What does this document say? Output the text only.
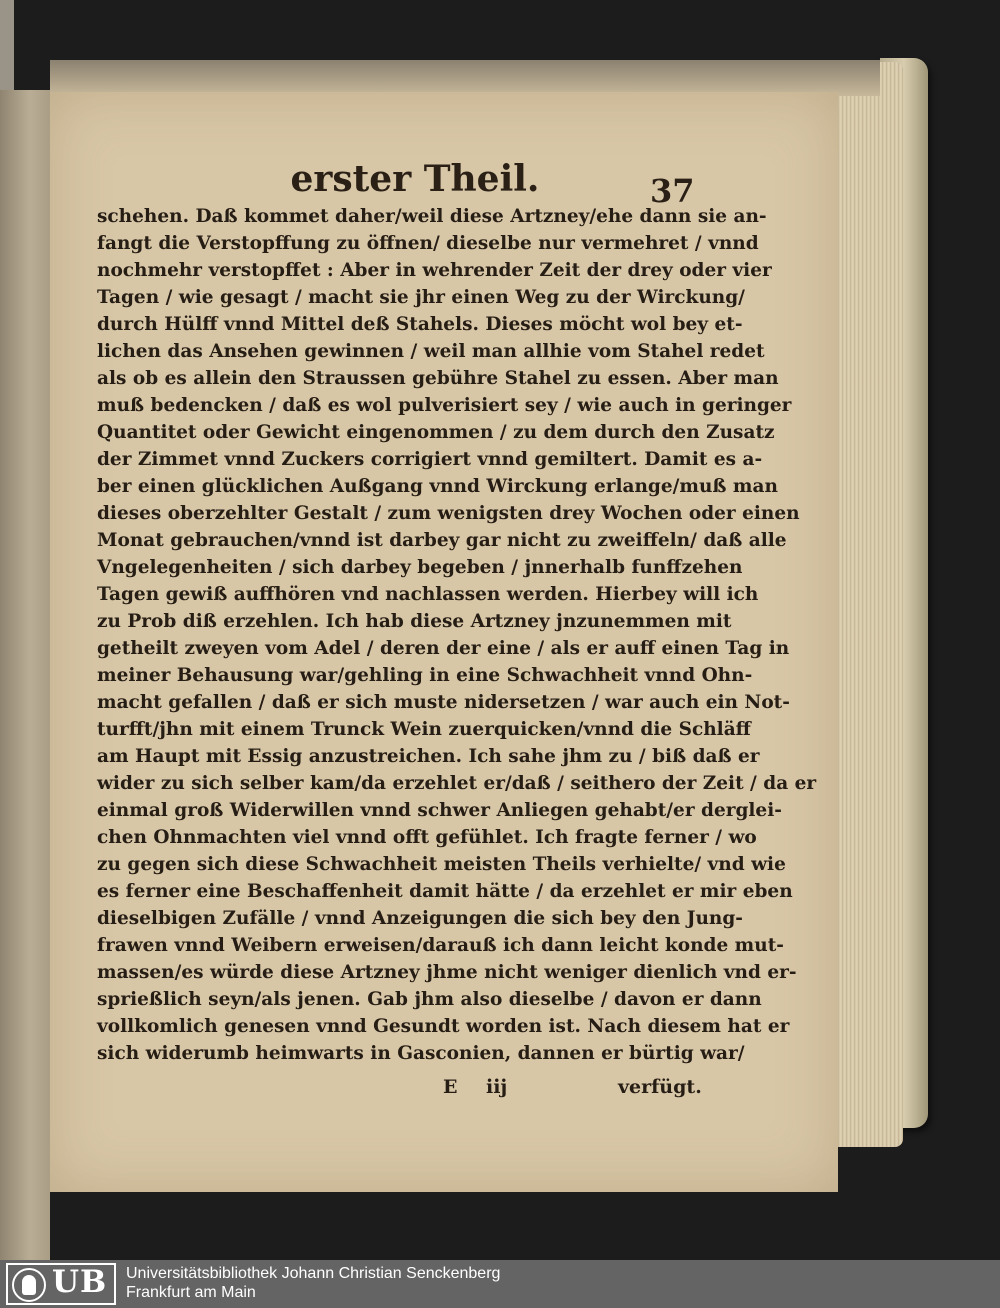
erster Theil.	37
schehen. Daß kommet daher/weil diese Artzney/ehe dann sie an-
fangt die Verstopffung zu öffnen/ dieselbe nur vermehret / vnnd
nochmehr verstopffet : Aber in wehrender Zeit der drey oder vier
Tagen / wie gesagt / macht sie jhr einen Weg zu der Wirckung/
durch Hülff vnnd Mittel deß Stahels. Dieses möcht wol bey et-
lichen das Ansehen gewinnen / weil man allhie vom Stahel redet
als ob es allein den Straussen gebühre Stahel zu essen. Aber man
muß bedencken / daß es wol pulverisiert sey / wie auch in geringer
Quantitet oder Gewicht eingenommen / zu dem durch den Zusatz
der Zimmet vnnd Zuckers corrigiert vnnd gemiltert. Damit es a-
ber einen glücklichen Außgang vnnd Wirckung erlange/muß man
dieses oberzehlter Gestalt / zum wenigsten drey Wochen oder einen
Monat gebrauchen/vnnd ist darbey gar nicht zu zweiffeln/ daß alle
Vngelegenheiten / sich darbey begeben / jnnerhalb funffzehen
Tagen gewiß auffhören vnd nachlassen werden. Hierbey will ich
zu Prob diß erzehlen. Ich hab diese Artzney jnzunemmen mit
getheilt zweyen vom Adel / deren der eine / als er auff einen Tag in
meiner Behausung war/gehling in eine Schwachheit vnnd Ohn-
macht gefallen / daß er sich muste nidersetzen / war auch ein Not-
turfft/jhn mit einem Trunck Wein zuerquicken/vnnd die Schläff
am Haupt mit Essig anzustreichen. Ich sahe jhm zu / biß daß er
wider zu sich selber kam/da erzehlet er/daß / seithero der Zeit / da er
einmal groß Widerwillen vnnd schwer Anliegen gehabt/er derglei-
chen Ohnmachten viel vnnd offt gefühlet. Ich fragte ferner / wo
zu gegen sich diese Schwachheit meisten Theils verhielte/ vnd wie
es ferner eine Beschaffenheit damit hätte / da erzehlet er mir eben
dieselbigen Zufälle / vnnd Anzeigungen die sich bey den Jung-
frawen vnnd Weibern erweisen/darauß ich dann leicht konde mut-
massen/es würde diese Artzney jhme nicht weniger dienlich vnd er-
sprießlich seyn/als jenen. Gab jhm also dieselbe / davon er dann
vollkomlich genesen vnnd Gesundt worden ist. Nach diesem hat er
sich widerumb heimwarts in Gasconien, dannen er bürtig war/
E iij	verfügt.
UB Universitätsbibliothek Johann Christian Senckenberg
Frankfurt am Main
